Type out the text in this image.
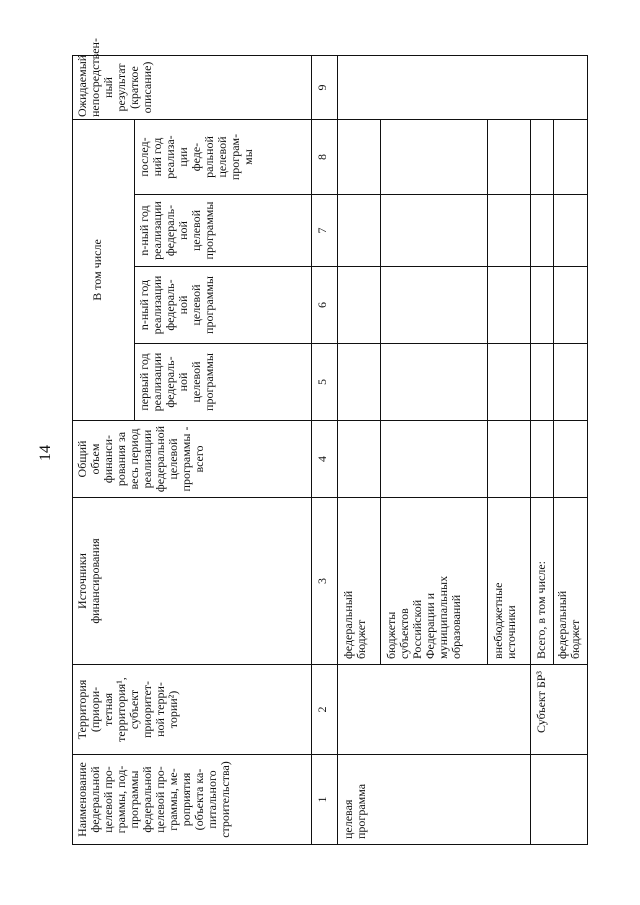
14
Наименование
федеральной
целевой про-
граммы, под-
программы
федеральной
целевой про-
граммы, ме-
роприятия
(объекта ка-
питального
строительства)
Территория
(приори-
тетная
территория¹,
субъект
приоритет-
ной терри-
тории²)
Источники
финансирования
Общий
объем
финанси-
рования за
весь период
реализации
федеральной
целевой
программы -
всего
В том числе
первый год
реализации
федераль-
ной
целевой
программы
n-ный год
реализации
федераль-
ной
целевой
программы
n-ный год
реализации
федераль-
ной
целевой
программы
послед-
ний год
реализа-
ции
феде-
ральной
целевой
програм-
мы
Ожидаемый
непосредствен-
ный результат
(краткое
описание)
1
2
3
4
5
6
7
8
9
целевая
программа
федеральный
бюджет бюджеты
субъектов
Российской
Федерации и
муниципальных
образований внебюджетные
источники
Субъект БР³
Всего, в том числе: федеральный
бюджет
